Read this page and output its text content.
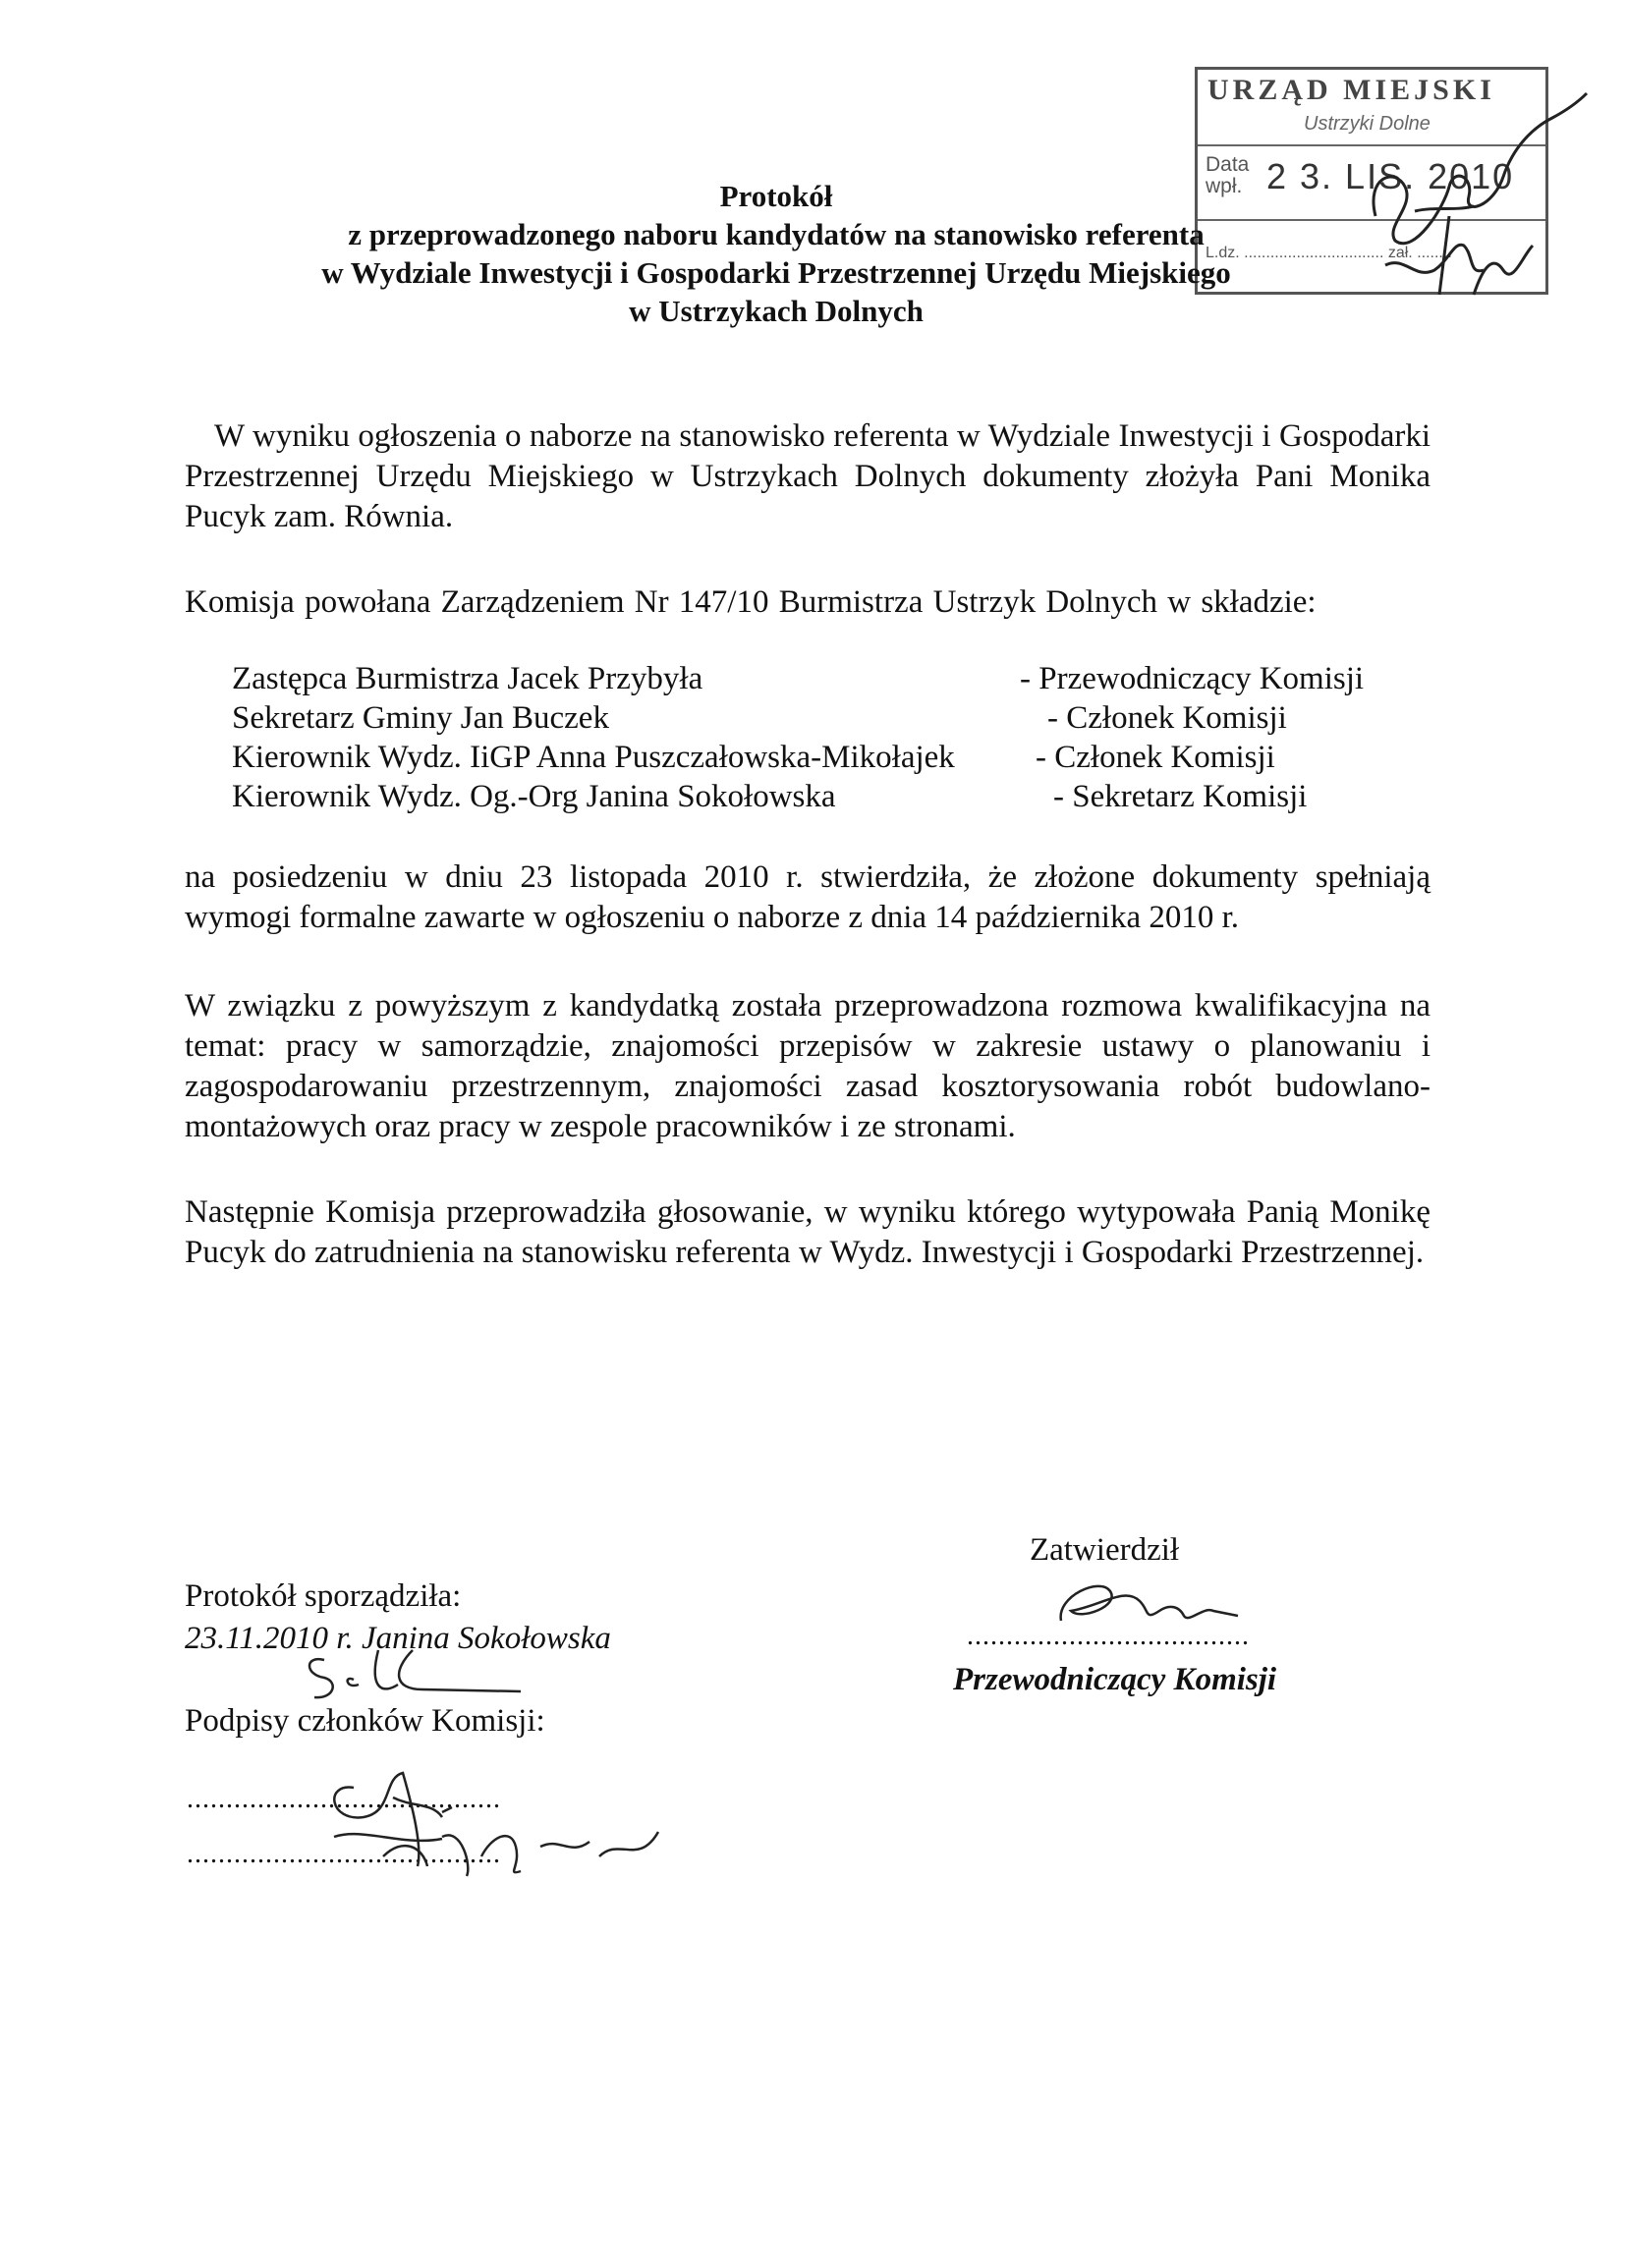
URZĄD MIEJSKI
Ustrzyki Dolne
Data
wpł. 2 3. LIS. 2010
L.dz. ................................ zał. ........
Protokół
z przeprowadzonego naboru kandydatów na stanowisko referenta
w Wydziale Inwestycji i Gospodarki Przestrzennej Urzędu Miejskiego
w Ustrzykach Dolnych
W wyniku ogłoszenia o naborze na stanowisko referenta w Wydziale Inwestycji i Gospodarki Przestrzennej Urzędu Miejskiego w Ustrzykach Dolnych dokumenty złożyła Pani Monika Pucyk zam. Równia.
Komisja powołana Zarządzeniem Nr 147/10 Burmistrza Ustrzyk Dolnych w składzie:
Zastępca Burmistrza Jacek Przybyła	- Przewodniczący Komisji
Sekretarz Gminy Jan Buczek	- Członek Komisji
Kierownik Wydz. IiGP Anna Puszczałowska-Mikołajek - Członek Komisji
Kierownik Wydz. Og.-Org Janina Sokołowska	- Sekretarz Komisji
na posiedzeniu w dniu 23 listopada 2010 r. stwierdziła, że złożone dokumenty spełniają wymogi formalne zawarte w ogłoszeniu o naborze z dnia 14 października 2010 r.
W związku z powyższym z kandydatką została przeprowadzona rozmowa kwalifikacyjna na temat: pracy w samorządzie, znajomości przepisów w zakresie ustawy o planowaniu i zagospodarowaniu przestrzennym, znajomości zasad kosztorysowania robót budowlano-montażowych oraz pracy w zespole pracowników i ze stronami.
Następnie Komisja przeprowadziła głosowanie, w wyniku którego wytypowała Panią Monikę Pucyk do zatrudnienia na stanowisku referenta w Wydz. Inwestycji i Gospodarki Przestrzennej.
Protokół sporządziła:
23.11.2010 r. Janina Sokołowska
Podpisy członków Komisji:
........................................
........................................
Zatwierdził
....................................
Przewodniczący Komisji
